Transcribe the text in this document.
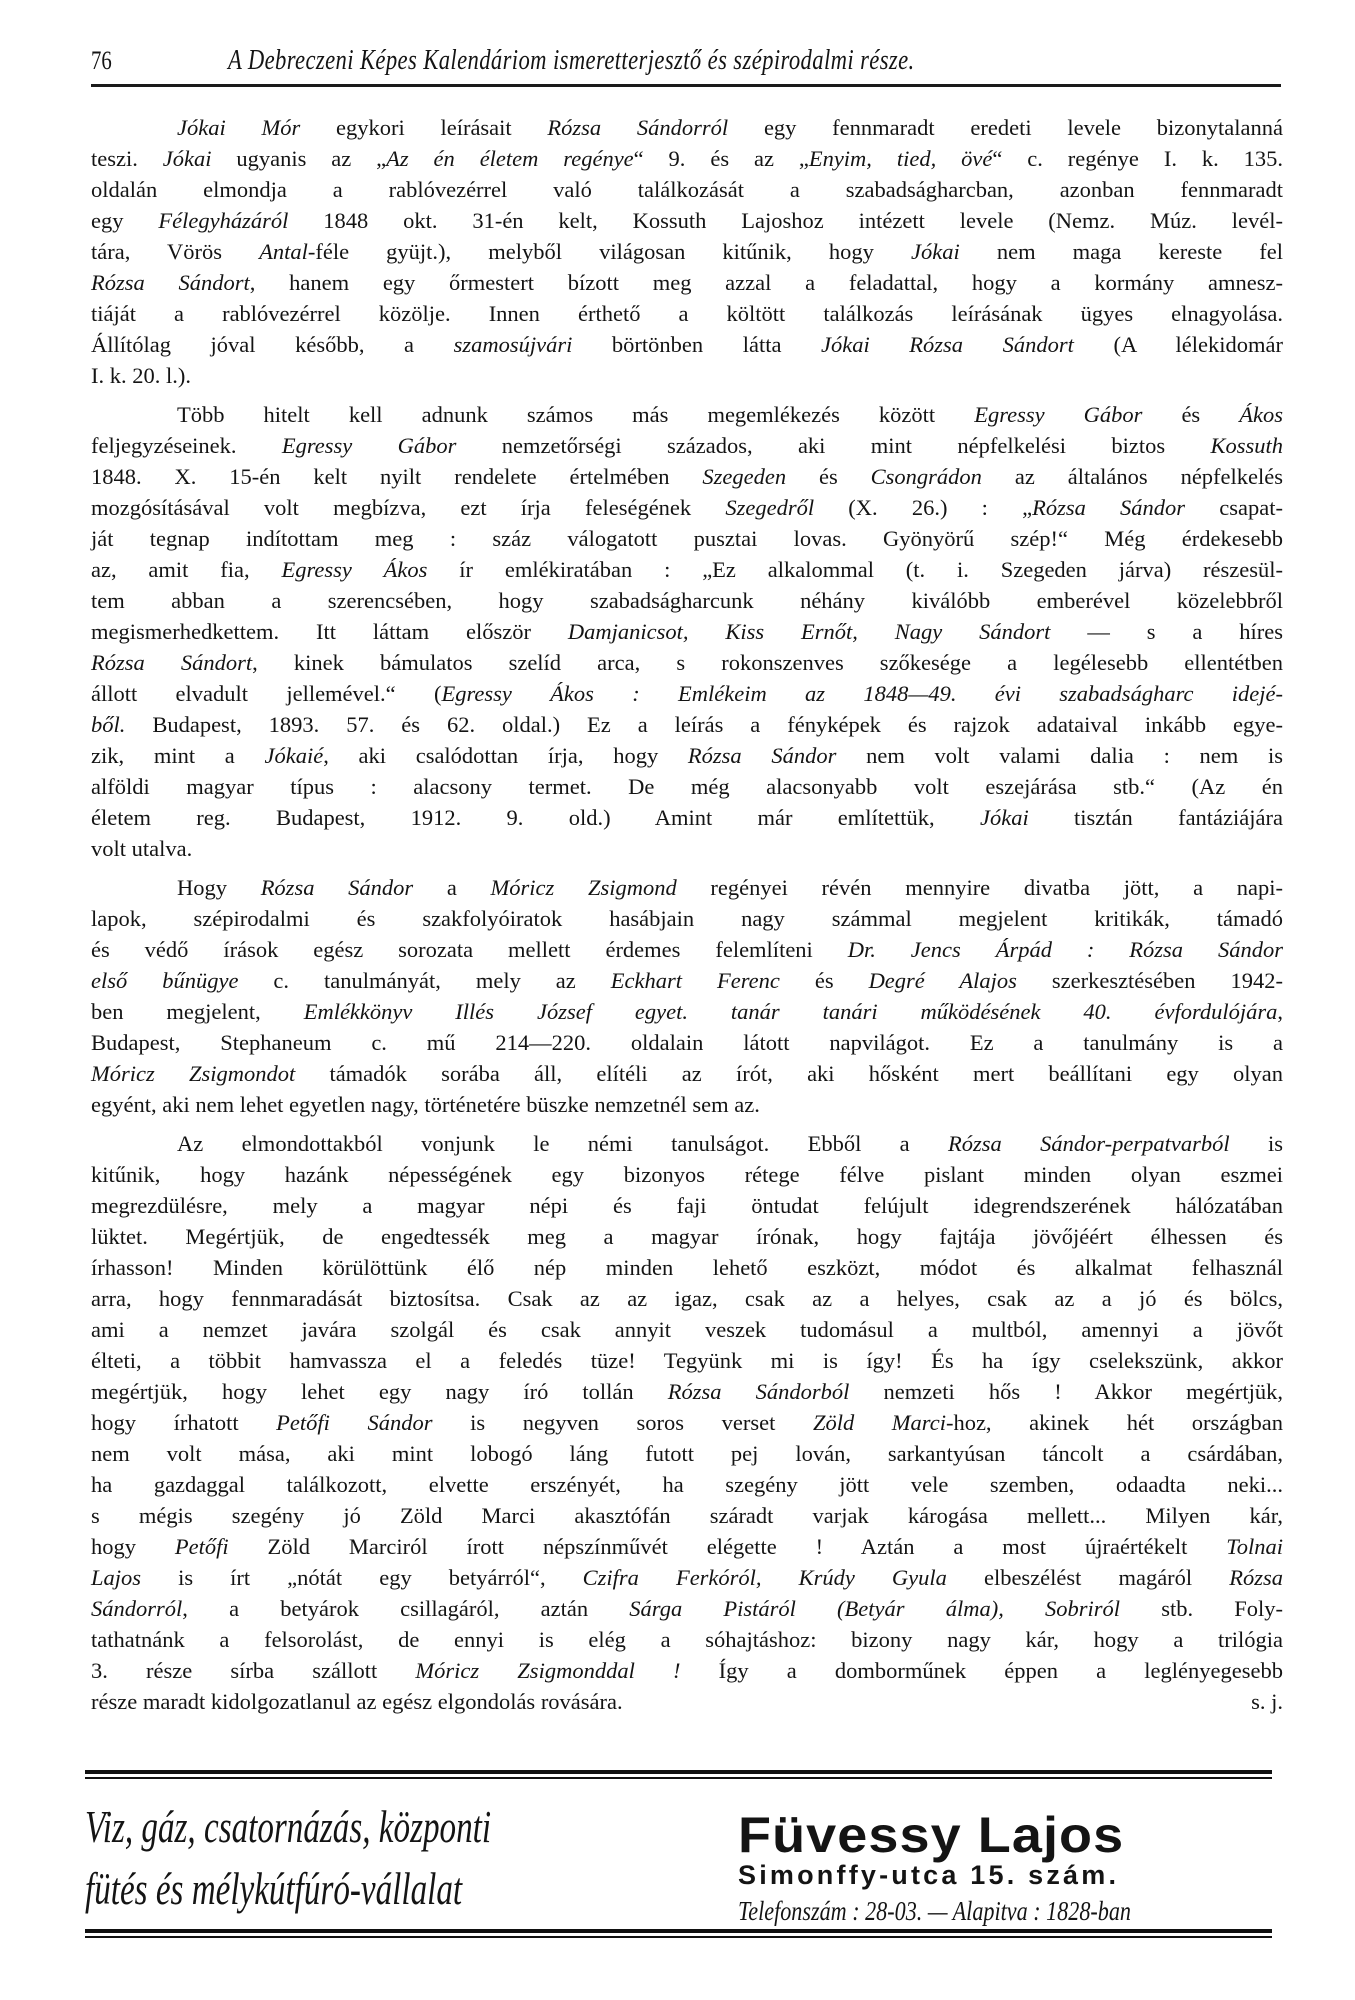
76	A Debreczeni Képes Kalendáriom ismeretterjesztő és szépirodalmi része.
Jókai Mór egykori leírásait Rózsa Sándorról egy fennmaradt eredeti levele bizonytalanná
teszi. Jókai ugyanis az „Az én életem regénye“ 9. és az „Enyim, tied, övé“ c. regénye I. k. 135.
oldalán elmondja a rablóvezérrel való találkozását a szabadságharcban, azonban fennmaradt
egy Félegyházáról 1848 okt. 31-én kelt, Kossuth Lajoshoz intézett levele (Nemz. Múz. levél-
tára, Vörös Antal-féle gyüjt.), melyből világosan kitűnik, hogy Jókai nem maga kereste fel
Rózsa Sándort, hanem egy őrmestert bízott meg azzal a feladattal, hogy a kormány amnesz-
tiáját a rablóvezérrel közölje. Innen érthető a költött találkozás leírásának ügyes elnagyolása.
Állítólag jóval később, a szamosújvári börtönben látta Jókai Rózsa Sándort (A lélekidomár
I. k. 20. l.).
Több hitelt kell adnunk számos más megemlékezés között Egressy Gábor és Ákos
feljegyzéseinek. Egressy Gábor nemzetőrségi százados, aki mint népfelkelési biztos Kossuth
1848. X. 15-én kelt nyilt rendelete értelmében Szegeden és Csongrádon az általános népfelkelés
mozgósításával volt megbízva, ezt írja feleségének Szegedről (X. 26.) : „Rózsa Sándor csapat-
ját tegnap indítottam meg : száz válogatott pusztai lovas. Gyönyörű szép!“ Még érdekesebb
az, amit fia, Egressy Ákos ír emlékiratában : „Ez alkalommal (t. i. Szegeden járva) részesül-
tem abban a szerencsében, hogy szabadságharcunk néhány kiválóbb emberével közelebbről
megismerhedkettem. Itt láttam először Damjanicsot, Kiss Ernőt, Nagy Sándort — s a híres
Rózsa Sándort, kinek bámulatos szelíd arca, s rokonszenves szőkesége a legélesebb ellentétben
állott elvadult jellemével.“ (Egressy Ákos : Emlékeim az 1848—49. évi szabadságharc idejé-
ből. Budapest, 1893. 57. és 62. oldal.) Ez a leírás a fényképek és rajzok adataival inkább egye-
zik, mint a Jókaié, aki csalódottan írja, hogy Rózsa Sándor nem volt valami dalia : nem is
alföldi magyar típus : alacsony termet. De még alacsonyabb volt eszejárása stb.“ (Az én
életem reg. Budapest, 1912. 9. old.) Amint már említettük, Jókai tisztán fantáziájára
volt utalva.
Hogy Rózsa Sándor a Móricz Zsigmond regényei révén mennyire divatba jött, a napi-
lapok, szépirodalmi és szakfolyóiratok hasábjain nagy számmal megjelent kritikák, támadó
és védő írások egész sorozata mellett érdemes felemlíteni Dr. Jencs Árpád : Rózsa Sándor
első bűnügye c. tanulmányát, mely az Eckhart Ferenc és Degré Alajos szerkesztésében 1942-
ben megjelent, Emlékkönyv Illés József egyet. tanár tanári működésének 40. évfordulójára,
Budapest, Stephaneum c. mű 214—220. oldalain látott napvilágot. Ez a tanulmány is a
Móricz Zsigmondot támadók sorába áll, elítéli az írót, aki hősként mert beállítani egy olyan
egyént, aki nem lehet egyetlen nagy, történetére büszke nemzetnél sem az.
Az elmondottakból vonjunk le némi tanulságot. Ebből a Rózsa Sándor-perpatvarból is
kitűnik, hogy hazánk népességének egy bizonyos rétege félve pislant minden olyan eszmei
megrezdülésre, mely a magyar népi és faji öntudat felújult idegrendszerének hálózatában
lüktet. Megértjük, de engedtessék meg a magyar írónak, hogy fajtája jövőjéért élhessen és
írhasson! Minden körülöttünk élő nép minden lehető eszközt, módot és alkalmat felhasznál
arra, hogy fennmaradását biztosítsa. Csak az az igaz, csak az a helyes, csak az a jó és bölcs,
ami a nemzet javára szolgál és csak annyit veszek tudomásul a multból, amennyi a jövőt
élteti, a többit hamvassza el a feledés tüze! Tegyünk mi is így! És ha így cselekszünk, akkor
megértjük, hogy lehet egy nagy író tollán Rózsa Sándorból nemzeti hős ! Akkor megértjük,
hogy írhatott Petőfi Sándor is negyven soros verset Zöld Marci-hoz, akinek hét országban
nem volt mása, aki mint lobogó láng futott pej lován, sarkantyúsan táncolt a csárdában,
ha gazdaggal találkozott, elvette erszényét, ha szegény jött vele szemben, odaadta neki...
s mégis szegény jó Zöld Marci akasztófán száradt varjak károgása mellett... Milyen kár,
hogy Petőfi Zöld Marciról írott népszínművét elégette ! Aztán a most újraértékelt Tolnai
Lajos is írt „nótát egy betyárról“, Czifra Ferkóról, Krúdy Gyula elbeszélést magáról Rózsa
Sándorról, a betyárok csillagáról, aztán Sárga Pistáról (Betyár álma), Sobriról stb. Foly-
tathatnánk a felsorolást, de ennyi is elég a sóhajtáshoz: bizony nagy kár, hogy a trilógia
3. része sírba szállott Móricz Zsigmonddal ! Így a domborműnek éppen a leglényegesebb
része maradt kidolgozatlanul az egész elgondolás rovására.	s. j.
Viz, gáz, csatornázás, központi
fütés és mélykútfúró-vállalat
Füvessy Lajos
Simonffy-utca 15. szám.
Telefonszám : 28-03. — Alapitva : 1828-ban
